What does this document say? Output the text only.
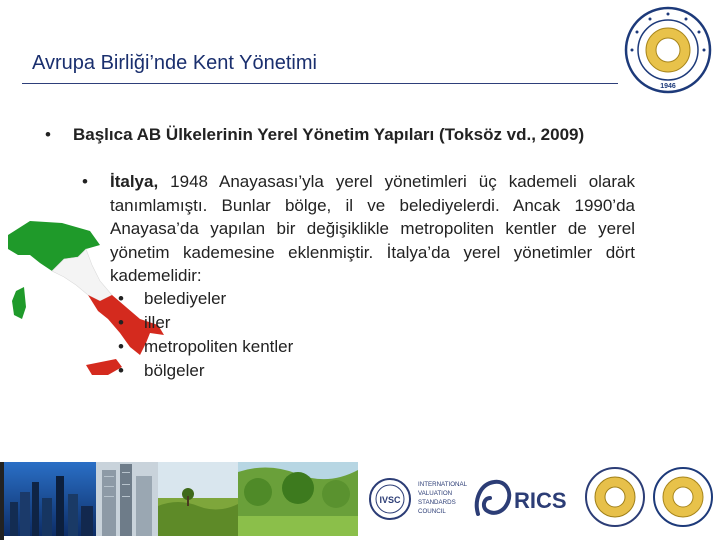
Avrupa Birliği’nde Kent Yönetimi
1946
• Başlıca AB Ülkelerinin Yerel Yönetim Yapıları (Toksöz vd., 2009)
• İtalya, 1948 Anayasası’yla yerel yönetimleri üç kademeli olarak tanımlamıştı. Bunlar bölge, il ve belediyelerdi. Ancak 1990’da Anayasa’da yapılan bir değişiklikle metropoliten kentler de yerel yönetim kademesine eklenmiştir. İtalya’da yerel yönetimler dört kademelidir:
• belediyeler
• iller
• metropoliten kentler
• bölgeler
IVSC
INTERNATIONAL
VALUATION
STANDARDS
COUNCIL	RICS
